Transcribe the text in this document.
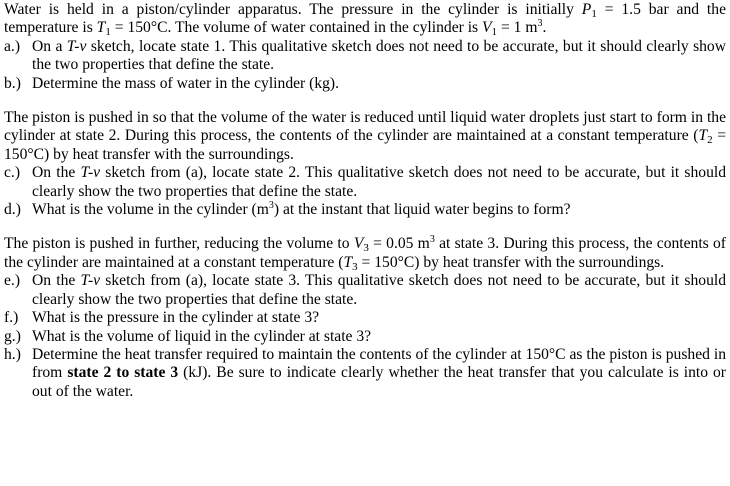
Water is held in a piston/cylinder apparatus. The pressure in the cylinder is initially $P_1 = 1.5$ bar and the temperature is $T_1 = 150^\circ C$. The volume of water contained in the cylinder is $V_1 = 1$ $m^3$.

a.) On a T-v sketch, locate state 1. This qualitative sketch does not need to be accurate, but it should clearly show the two properties that define the state.
b.) Determine the mass of water in the cylinder (kg).

The piston is pushed in so that the volume of the water is reduced until liquid water droplets just start to form in the cylinder at state 2. During this process, the contents of the cylinder are maintained at a constant temperature $(T_2 = 150^\circ C)$ by heat transfer with the surroundings.

c.) On the T-v sketch from (a), locate state 2. This qualitative sketch does not need to be accurate, but it should clearly show the two properties that define the state.
d.) What is the volume in the cylinder $(m^3)$ at the instant that liquid water begins to form?

The piston is pushed in further, reducing the volume to $V_3 = 0.05$ $m^3$ at state 3. During this process, the contents of the cylinder are maintained at a constant temperature $(T_3 = 150^\circ C)$ by heat transfer with the surroundings.

e.) On the T-v sketch from (a), locate state 3. This qualitative sketch does not need to be accurate, but it should clearly show the two properties that define the state.
f.) What is the pressure in the cylinder at state 3?
g.) What is the volume of liquid in the cylinder at state 3?
h.) Determine the heat transfer required to maintain the contents of the cylinder at 150°C as the piston is pushed in from state 2 to state 3 (kJ). Be sure to indicate clearly whether the heat transfer that you calculate is into or out of the water.
